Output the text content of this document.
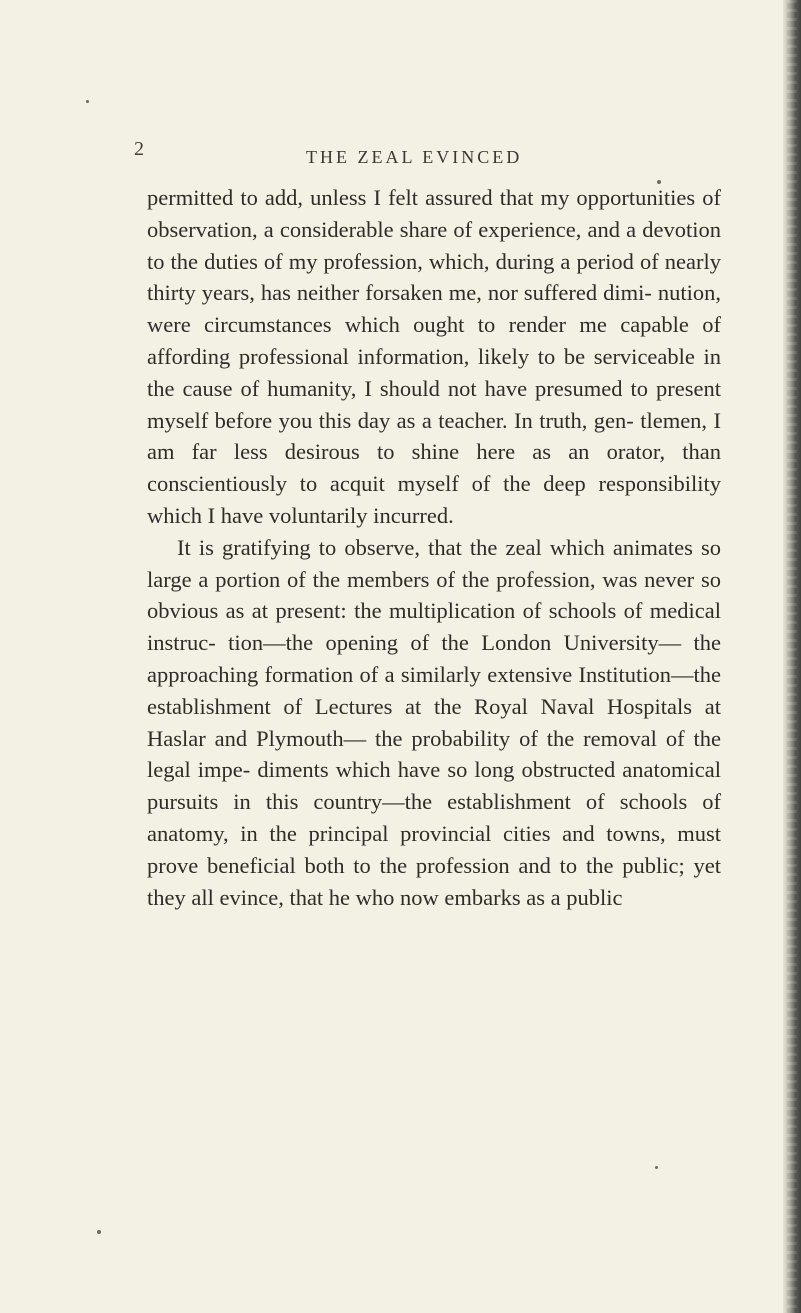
2	THE ZEAL EVINCED

permitted to add, unless I felt assured that my opportunities of observation, a considerable share of experience, and a devotion to the duties of my profession, which, during a period of nearly thirty years, has neither forsaken me, nor suffered dimi- nution, were circumstances which ought to render me capable of affording professional information, likely to be serviceable in the cause of humanity, I should not have presumed to present myself before you this day as a teacher. In truth, gen- tlemen, I am far less desirous to shine here as an orator, than conscientiously to acquit myself of the deep responsibility which I have voluntarily incurred.

It is gratifying to observe, that the zeal which animates so large a portion of the members of the profession, was never so obvious as at present: the multiplication of schools of medical instruc- tion—the opening of the London University— the approaching formation of a similarly extensive Institution—the establishment of Lectures at the Royal Naval Hospitals at Haslar and Plymouth— the probability of the removal of the legal impe- diments which have so long obstructed anatomical pursuits in this country—the establishment of schools of anatomy, in the principal provincial cities and towns, must prove beneficial both to the profession and to the public; yet they all evince, that he who now embarks as a public
